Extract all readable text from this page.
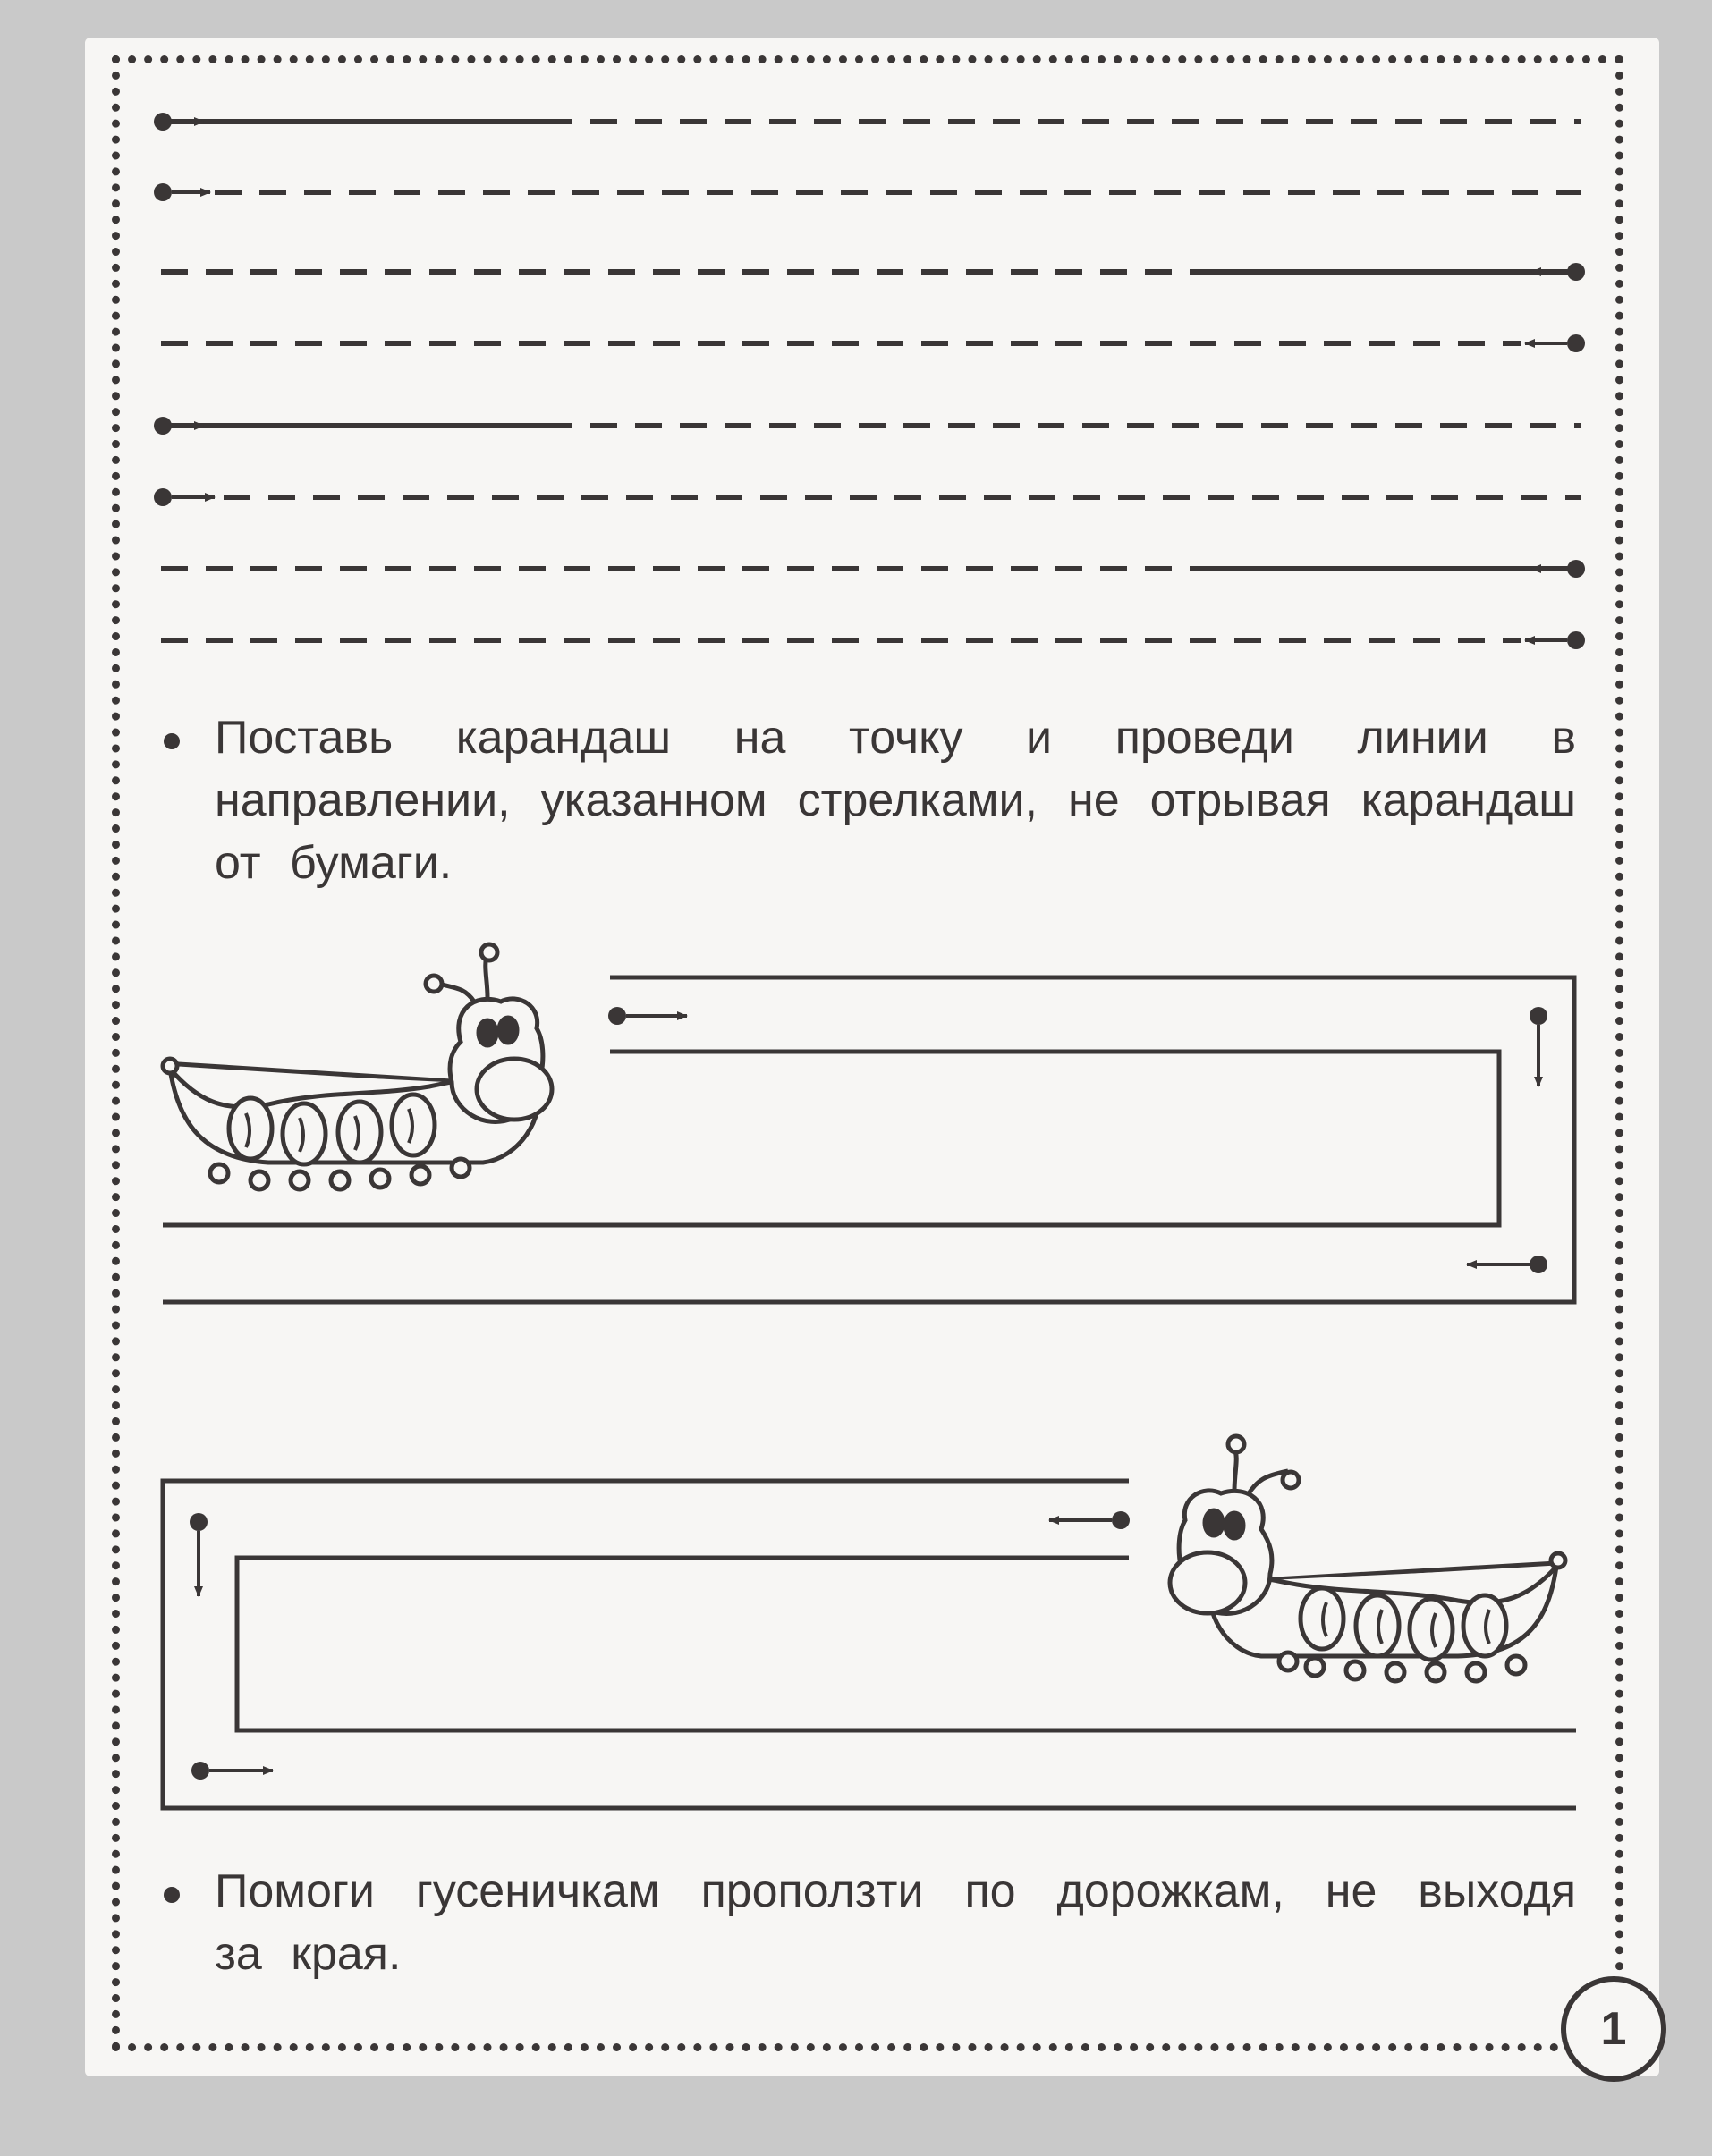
Поставь карандаш на точку и проведи линии в направлении, указанном стрелками, не отрывая карандаш от бумаги.
Помоги гусеничкам проползти по дорожкам, не выходя за края.
1
